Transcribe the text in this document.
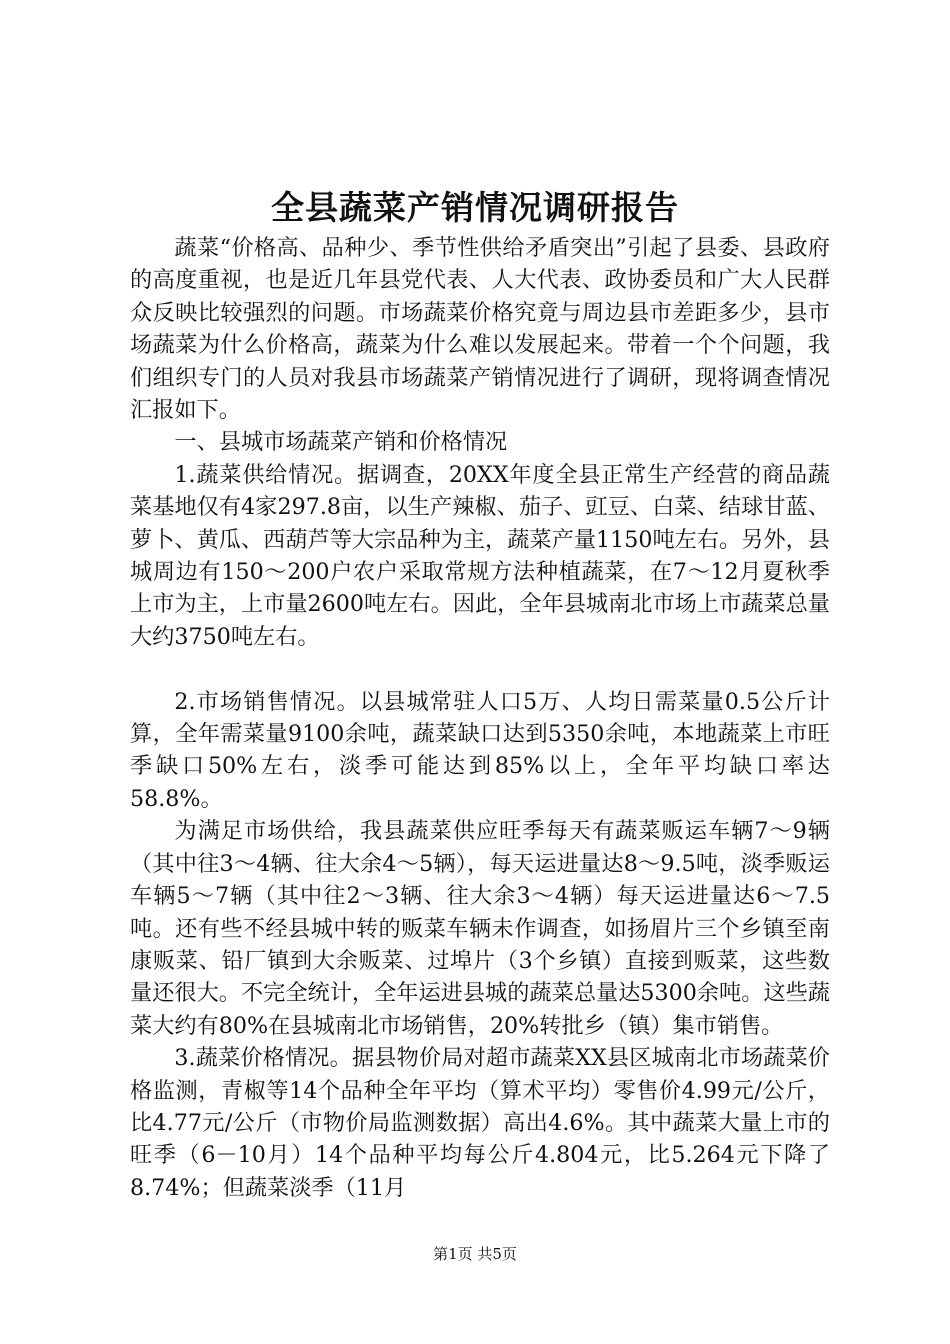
全县蔬菜产销情况调研报告

蔬菜“价格高、品种少、季节性供给矛盾突出”引起了县委、县政府的高度重视，也是近几年县党代表、人大代表、政协委员和广大人民群众反映比较强烈的问题。市场蔬菜价格究竟与周边县市差距多少，县市场蔬菜为什么价格高，蔬菜为什么难以发展起来。带着一个个问题，我们组织专门的人员对我县市场蔬菜产销情况进行了调研，现将调查情况汇报如下。

一、县城市场蔬菜产销和价格情况

1.蔬菜供给情况。据调查，20XX年度全县正常生产经营的商品蔬菜基地仅有4家297.8亩，以生产辣椒、茄子、豇豆、白菜、结球甘蓝、萝卜、黄瓜、西葫芦等大宗品种为主，蔬菜产量1150吨左右。另外，县城周边有150～200户农户采取常规方法种植蔬菜，在7～12月夏秋季上市为主，上市量2600吨左右。因此，全年县城南北市场上市蔬菜总量大约3750吨左右。

2.市场销售情况。以县城常驻人口5万、人均日需菜量0.5公斤计算，全年需菜量9100余吨，蔬菜缺口达到5350余吨，本地蔬菜上市旺季缺口50%左右，淡季可能达到85%以上，全年平均缺口率达58.8%。

为满足市场供给，我县蔬菜供应旺季每天有蔬菜贩运车辆7～9辆（其中往3～4辆、往大余4～5辆），每天运进量达8～9.5吨，淡季贩运车辆5～7辆（其中往2～3辆、往大余3～4辆）每天运进量达6～7.5吨。还有些不经县城中转的贩菜车辆未作调查，如扬眉片三个乡镇至南康贩菜、铅厂镇到大余贩菜、过埠片（3个乡镇）直接到贩菜，这些数量还很大。不完全统计，全年运进县城的蔬菜总量达5300余吨。这些蔬菜大约有80%在县城南北市场销售，20%转批乡（镇）集市销售。

3.蔬菜价格情况。据县物价局对超市蔬菜XX县区城南北市场蔬菜价格监测，青椒等14个品种全年平均（算术平均）零售价4.99元/公斤，比4.77元/公斤（市物价局监测数据）高出4.6%。其中蔬菜大量上市的旺季（6－10月）14个品种平均每公斤4.804元，比5.264元下降了8.74%；但蔬菜淡季（11月

第1页 共5页
